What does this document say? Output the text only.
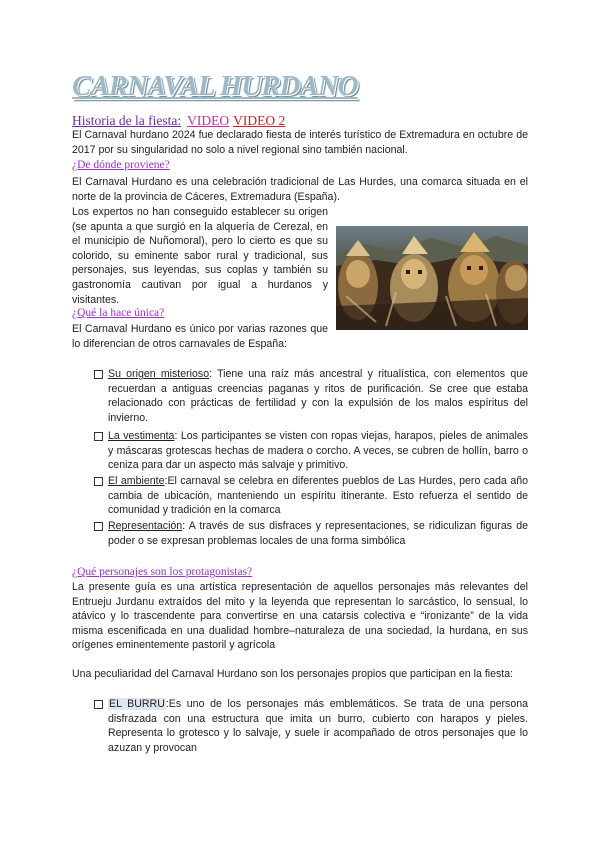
CARNAVAL HURDANO
Historia de la fiesta: VIDEO VIDEO 2
El Carnaval hurdano 2024 fue declarado fiesta de interés turístico de Extremadura en octubre de 2017 por su singularidad no solo a nivel regional sino también nacional.
¿De dónde proviene?
El Carnaval Hurdano es una celebración tradicional de Las Hurdes, una comarca situada en el norte de la provincia de Cáceres, Extremadura (España).
Los expertos no han conseguido establecer su origen (se apunta a que surgió en la alquería de Cerezal, en el municipio de Nuñomoral), pero lo cierto es que su colorido, su eminente sabor rural y tradicional, sus personajes, sus leyendas, sus coplas y también su gastronomía cautivan por igual a hurdanos y visitantes.
¿Qué la hace única?
El Carnaval Hurdano es único por varias razones que lo diferencian de otros carnavales de España:
Su origen misterioso: Tiene una raíz más ancestral y ritualística, con elementos que recuerdan a antiguas creencias paganas y ritos de purificación. Se cree que estaba relacionado con prácticas de fertilidad y con la expulsión de los malos espíritus del invierno.
La vestimenta: Los participantes se visten con ropas viejas, harapos, pieles de animales y máscaras grotescas hechas de madera o corcho. A veces, se cubren de hollín, barro o ceniza para dar un aspecto más salvaje y primitivo.
El ambiente:El carnaval se celebra en diferentes pueblos de Las Hurdes, pero cada año cambia de ubicación, manteniendo un espíritu itinerante. Esto refuerza el sentido de comunidad y tradición en la comarca
Representación: A través de sus disfraces y representaciones, se ridiculizan figuras de poder o se expresan problemas locales de una forma simbólica
¿Qué personajes son los protagonistas?
La presente guía es una artística representación de aquellos personajes más relevantes del Entrueju Jurdanu extraídos del mito y la leyenda que representan lo sarcástico, lo sensual, lo atávico y lo trascendente para convertirse en una catarsis colectiva e “ironizante” de la vida misma escenificada en una dualidad hombre–naturaleza de una sociedad, la hurdana, en sus orígenes eminentemente pastoril y agrícola
Una peculiaridad del Carnaval Hurdano son los personajes propios que participan en la fiesta:
EL BURRU:Es uno de los personajes más emblemáticos. Se trata de una persona disfrazada con una estructura que imita un burro, cubierto con harapos y pieles. Representa lo grotesco y lo salvaje, y suele ir acompañado de otros personajes que lo azuzan y provocan
